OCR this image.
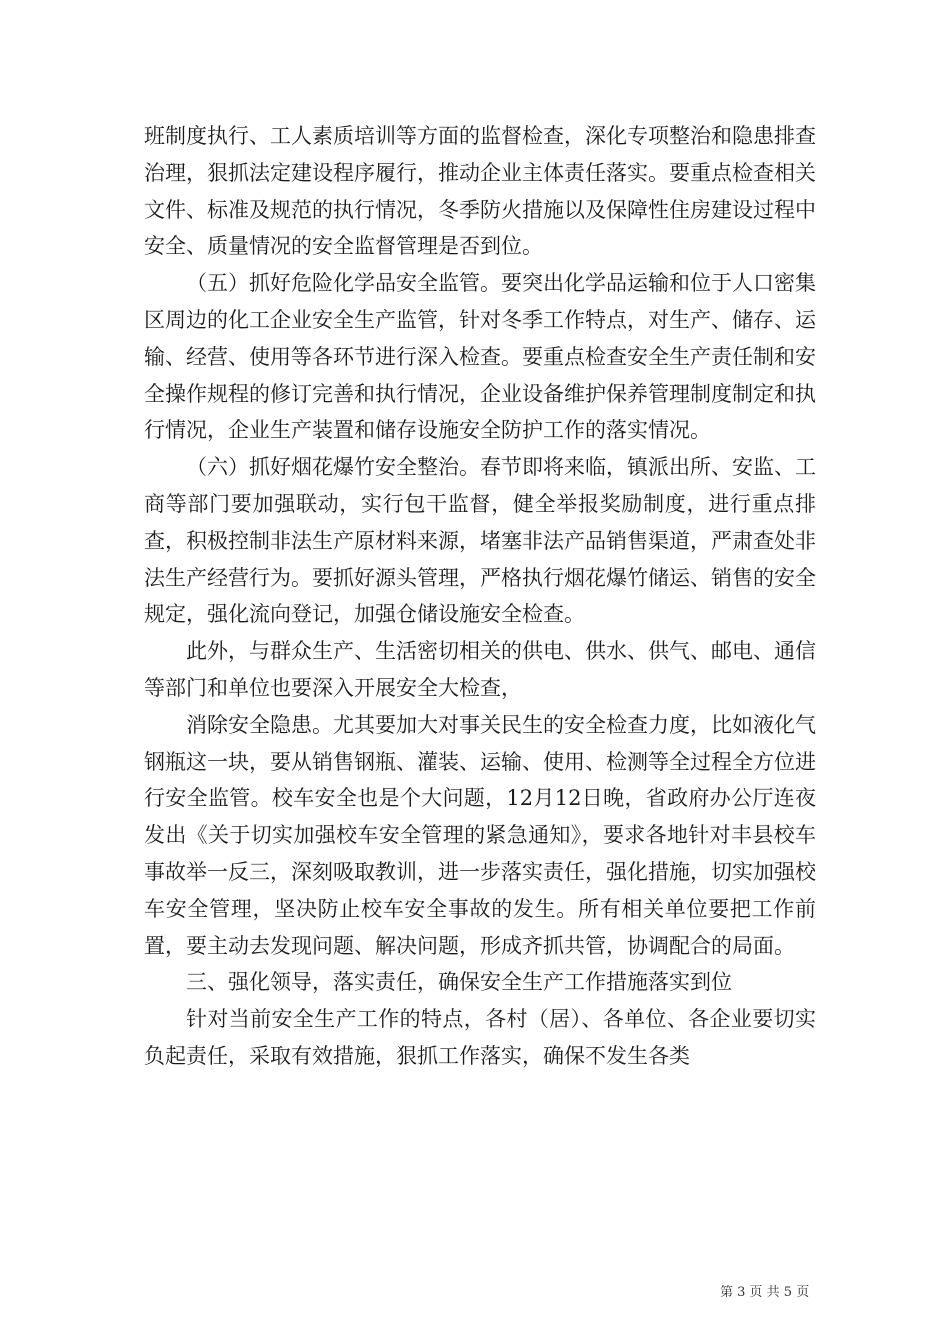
班制度执行、工人素质培训等方面的监督检查，深化专项整治和隐患排查治理，狠抓法定建设程序履行，推动企业主体责任落实。要重点检查相关文件、标准及规范的执行情况，冬季防火措施以及保障性住房建设过程中安全、质量情况的安全监督管理是否到位。

（五）抓好危险化学品安全监管。要突出化学品运输和位于人口密集区周边的化工企业安全生产监管，针对冬季工作特点，对生产、储存、运输、经营、使用等各环节进行深入检查。要重点检查安全生产责任制和安全操作规程的修订完善和执行情况，企业设备维护保养管理制度制定和执行情况，企业生产装置和储存设施安全防护工作的落实情况。

（六）抓好烟花爆竹安全整治。春节即将来临，镇派出所、安监、工商等部门要加强联动，实行包干监督，健全举报奖励制度，进行重点排查，积极控制非法生产原材料来源，堵塞非法产品销售渠道，严肃查处非法生产经营行为。要抓好源头管理，严格执行烟花爆竹储运、销售的安全规定，强化流向登记，加强仓储设施安全检查。

此外，与群众生产、生活密切相关的供电、供水、供气、邮电、通信等部门和单位也要深入开展安全大检查，

消除安全隐患。尤其要加大对事关民生的安全检查力度，比如液化气钢瓶这一块，要从销售钢瓶、灌装、运输、使用、检测等全过程全方位进行安全监管。校车安全也是个大问题，12月12日晚，省政府办公厅连夜发出《关于切实加强校车安全管理的紧急通知》，要求各地针对丰县校车事故举一反三，深刻吸取教训，进一步落实责任，强化措施，切实加强校车安全管理，坚决防止校车安全事故的发生。所有相关单位要把工作前置，要主动去发现问题、解决问题，形成齐抓共管，协调配合的局面。

三、强化领导，落实责任，确保安全生产工作措施落实到位

针对当前安全生产工作的特点，各村（居）、各单位、各企业要切实负起责任，采取有效措施，狠抓工作落实，确保不发生各类

第 3 页 共 5 页
